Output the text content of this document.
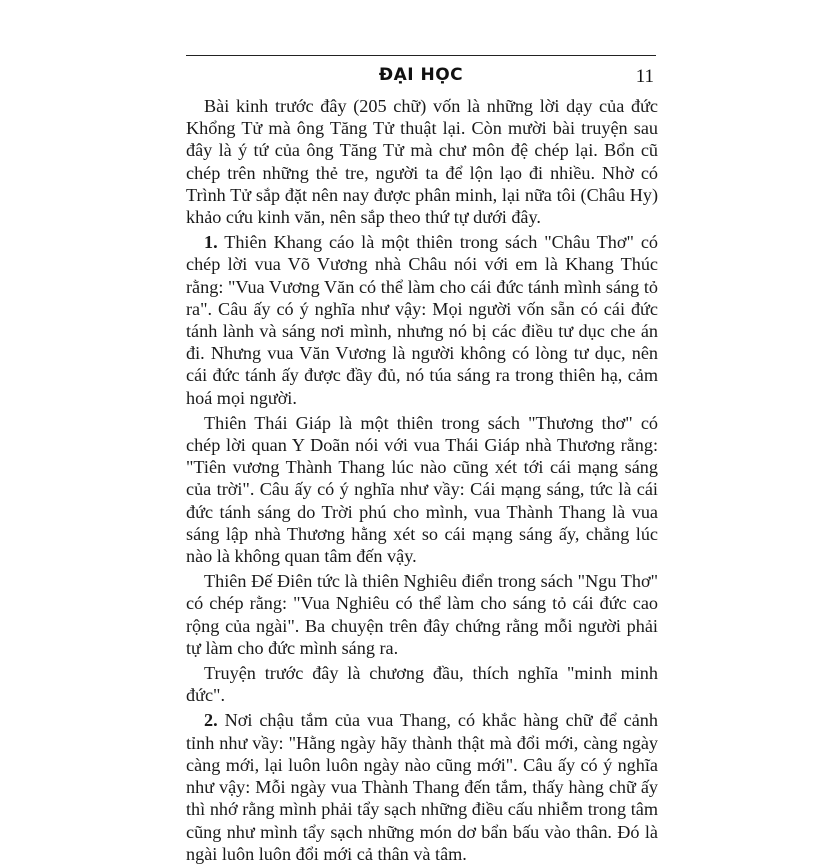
ĐẠI HỌC	11

Bài kinh trước đây (205 chữ) vốn là những lời dạy của đức Khổng Tử mà ông Tăng Tử thuật lại. Còn mười bài truyện sau đây là ý tứ của ông Tăng Tử mà chư môn đệ chép lại. Bổn cũ chép trên những thẻ tre, người ta để lộn lạo đi nhiều. Nhờ có Trình Tử sắp đặt nên nay được phân minh, lại nữa tôi (Châu Hy) khảo cứu kinh văn, nên sắp theo thứ tự dưới đây.

1. Thiên Khang cáo là một thiên trong sách "Châu Thơ" có chép lời vua Võ Vương nhà Châu nói với em là Khang Thúc rằng: "Vua Vương Văn có thể làm cho cái đức tánh mình sáng tỏ ra". Câu ấy có ý nghĩa như vậy: Mọi người vốn sẵn có cái đức tánh lành và sáng nơi mình, nhưng nó bị các điều tư dục che án đi. Nhưng vua Văn Vương là người không có lòng tư dục, nên cái đức tánh ấy được đầy đủ, nó túa sáng ra trong thiên hạ, cảm hoá mọi người.

Thiên Thái Giáp là một thiên trong sách "Thương thơ" có chép lời quan Y Doãn nói với vua Thái Giáp nhà Thương rằng: "Tiên vương Thành Thang lúc nào cũng xét tới cái mạng sáng của trời". Câu ấy có ý nghĩa như vầy: Cái mạng sáng, tức là cái đức tánh sáng do Trời phú cho mình, vua Thành Thang là vua sáng lập nhà Thương hằng xét so cái mạng sáng ấy, chẳng lúc nào là không quan tâm đến vậy.

Thiên Đế Điên tức là thiên Nghiêu điển trong sách "Ngu Thơ" có chép rằng: "Vua Nghiêu có thể làm cho sáng tỏ cái đức cao rộng của ngài". Ba chuyện trên đây chứng rằng mỗi người phải tự làm cho đức mình sáng ra.

Truyện trước đây là chương đầu, thích nghĩa "minh minh đức".

2. Nơi chậu tắm của vua Thang, có khắc hàng chữ để cảnh tỉnh như vầy: "Hằng ngày hãy thành thật mà đổi mới, càng ngày càng mới, lại luôn luôn ngày nào cũng mới". Câu ấy có ý nghĩa như vậy: Mỗi ngày vua Thành Thang đến tắm, thấy hàng chữ ấy thì nhớ rằng mình phải tẩy sạch những điều cấu nhiễm trong tâm cũng như mình tẩy sạch những món dơ bẩn bấu vào thân. Đó là ngài luôn luôn đổi mới cả thân và tâm.
